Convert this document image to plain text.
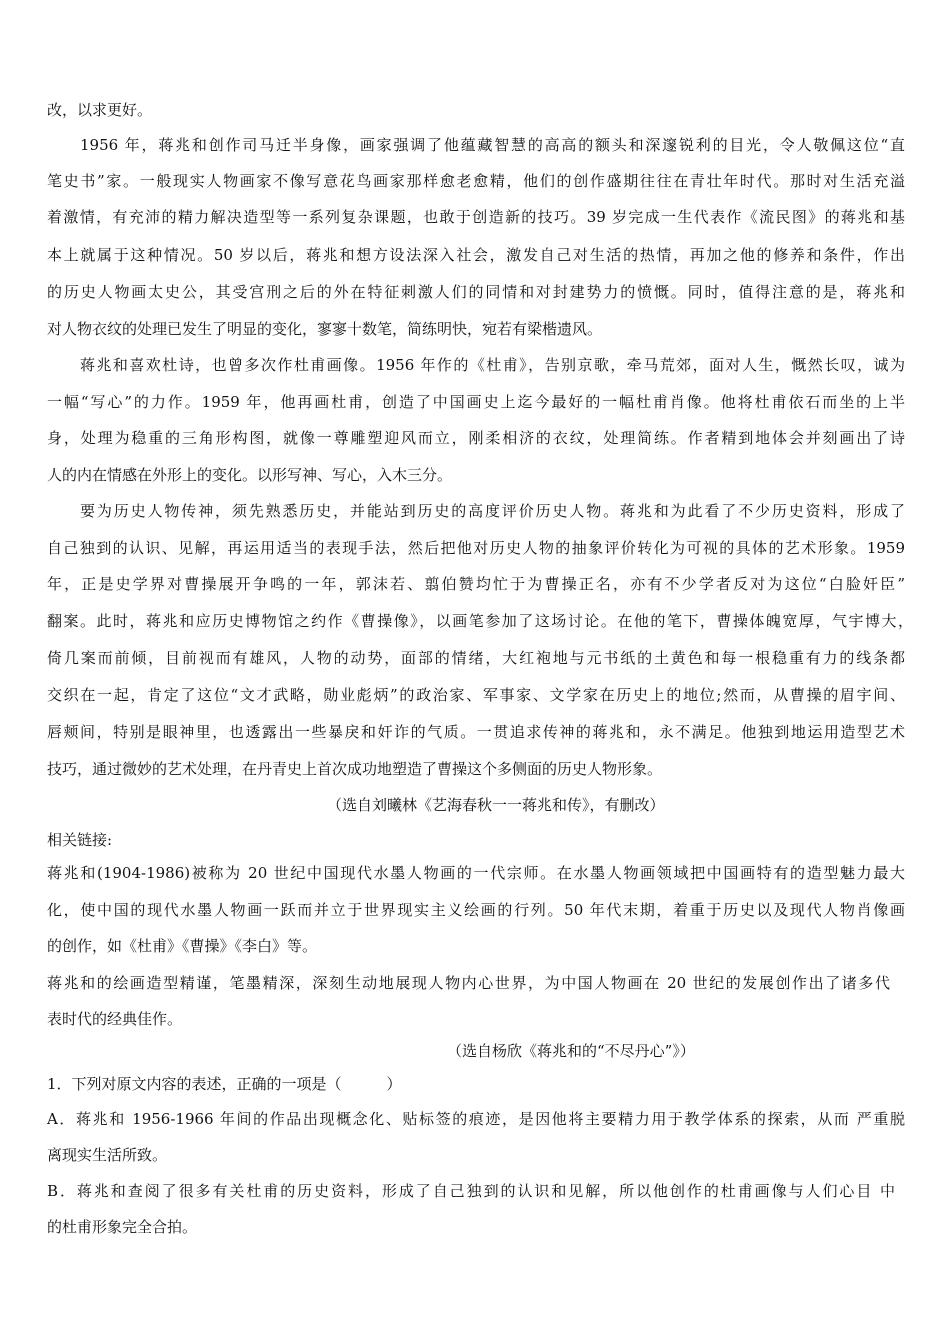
改，以求更好。
1956 年，蒋兆和创作司马迁半身像，画家强调了他蕴藏智慧的高高的额头和深邃锐利的目光，令人敬佩这位“直
笔史书”家。一般现实人物画家不像写意花鸟画家那样愈老愈精，他们的创作盛期往往在青壮年时代。那时对生活充溢
着激情，有充沛的精力解决造型等一系列复杂课题，也敢于创造新的技巧。39 岁完成一生代表作《流民图》的蒋兆和基
本上就属于这种情况。50 岁以后，蒋兆和想方设法深入社会，激发自己对生活的热情，再加之他的修养和条件，作出
的历史人物画太史公，其受宫刑之后的外在特征刺激人们的同情和对封建势力的愤慨。同时，值得注意的是，蒋兆和
对人物衣纹的处理已发生了明显的变化，寥寥十数笔，简练明快，宛若有梁楷遗风。
蒋兆和喜欢杜诗，也曾多次作杜甫画像。1956 年作的《杜甫》，告别京歌，牵马荒郊，面对人生，慨然长叹，诚为
一幅“写心”的力作。1959 年，他再画杜甫，创造了中国画史上迄今最好的一幅杜甫肖像。他将杜甫依石而坐的上半
身，处理为稳重的三角形构图，就像一尊雕塑迎风而立，刚柔相济的衣纹，处理简练。作者精到地体会并刻画出了诗
人的内在情感在外形上的变化。以形写神、写心，入木三分。
要为历史人物传神，须先熟悉历史，并能站到历史的高度评价历史人物。蒋兆和为此看了不少历史资料，形成了
自己独到的认识、见解，再运用适当的表现手法，然后把他对历史人物的抽象评价转化为可视的具体的艺术形象。1959
年，正是史学界对曹操展开争鸣的一年，郭沫若、翦伯赞均忙于为曹操正名，亦有不少学者反对为这位“白脸奸臣”
翻案。此时，蒋兆和应历史博物馆之约作《曹操像》，以画笔参加了这场讨论。在他的笔下，曹操体魄宽厚，气宇博大，
倚几案而前倾，目前视而有雄风，人物的动势，面部的情绪，大红袍地与元书纸的土黄色和每一根稳重有力的线条都
交织在一起，肯定了这位“文才武略，勋业彪炳”的政治家、军事家、文学家在历史上的地位;然而，从曹操的眉宇间、
唇颊间，特别是眼神里，也透露出一些暴戾和奸诈的气质。一贯追求传神的蒋兆和，永不满足。他独到地运用造型艺术
技巧，通过微妙的艺术处理，在丹青史上首次成功地塑造了曹操这个多侧面的历史人物形象。
（选自刘曦林《艺海春秋一一蒋兆和传》，有删改）
相关链接:
蒋兆和(1904-1986)被称为 20 世纪中国现代水墨人物画的一代宗师。在水墨人物画领域把中国画特有的造型魅力最大
化，使中国的现代水墨人物画一跃而并立于世界现实主义绘画的行列。50 年代末期，着重于历史以及现代人物肖像画
的创作，如《杜甫》《曹操》《李白》等。
蒋兆和的绘画造型精谨，笔墨精深，深刻生动地展现人物内心世界，为中国人物画在 20 世纪的发展创作出了诸多代
表时代的经典佳作。
（选自杨欣《蒋兆和的“不尽丹心”》）
1．下列对原文内容的表述，正确的一项是（　　　）
A．蒋兆和 1956-1966 年间的作品出现概念化、贴标签的痕迹，是因他将主要精力用于教学体系的探索，从而 严重脱
离现实生活所致。
B．蒋兆和查阅了很多有关杜甫的历史资料，形成了自己独到的认识和见解，所以他创作的杜甫画像与人们心目 中
的杜甫形象完全合拍。
